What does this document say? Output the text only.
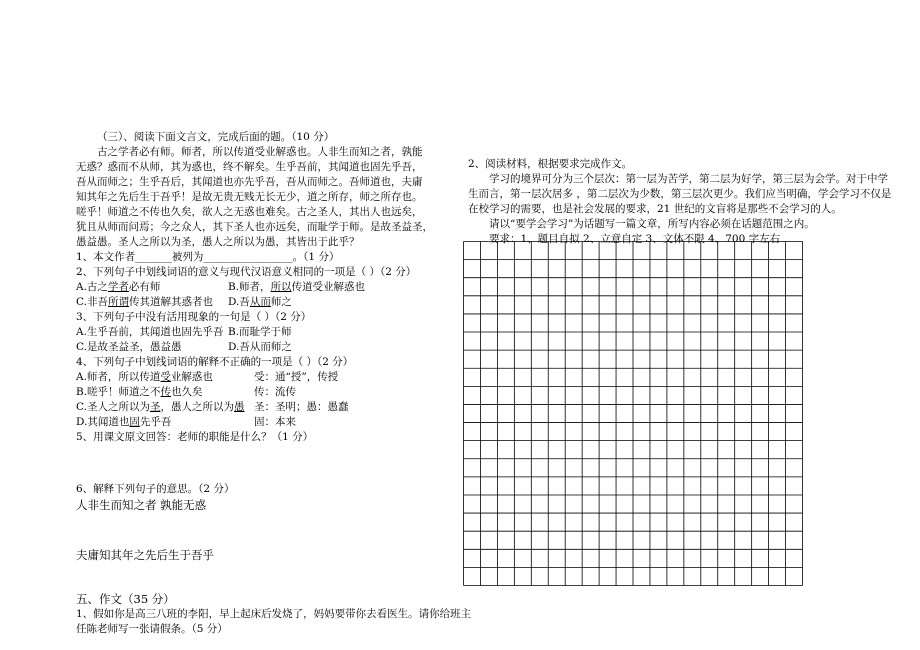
（三）、阅读下面文言文，完成后面的题。（10 分）
古之学者必有师。师者，所以传道受业解惑也。人非生而知之者，孰能
无惑？惑而不从师，其为惑也，终不解矣。生乎吾前，其闻道也固先乎吾，
吾从而师之；生乎吾后，其闻道也亦先乎吾，吾从而师之。吾师道也，夫庸
知其年之先后生于吾乎！是故无贵无贱无长无少，道之所存，师之所存也。
嗟乎！师道之不传也久矣，欲人之无惑也难矣。古之圣人，其出人也远矣，
犹且从师而问焉；今之众人，其下圣人也亦远矣，而耻学于师。是故圣益圣，
愚益愚。圣人之所以为圣，愚人之所以为愚，其皆出于此乎？
1、本文作者_______被列为_________________。（1 分）
2、下列句子中划线词语的意义与现代汉语意义相同的一项是（ ）（2 分）
A.古之学者必有师	B.师者，所以传道受业解惑也
C.非吾所谓传其道解其惑者也 D.吾从而师之
3、下列句子中没有活用现象的一句是（ ）（2 分）
A.生乎吾前，其闻道也固先乎吾 B.而耻学于师
C.是故圣益圣，愚益愚	D.吾从而师之
4、下列句子中划线词语的解释不正确的一项是（ ）（2 分）
A.师者，所以传道受业解惑也	受：通“授”，传授
B.嗟乎！师道之不传也久矣	传：流传
C.圣人之所以为圣，愚人之所以为愚 圣：圣明；愚：愚蠢
D.其闻道也固先乎吾	固：本来
5、用课文原文回答：老师的职能是什么？（1 分）
6、解释下列句子的意思。（2 分）
人非生而知之者 孰能无惑
夫庸知其年之先后生于吾乎
五、作文（35 分）
1、假如你是高三八班的李阳，早上起床后发烧了，妈妈要带你去看医生。请你给班主
任陈老师写一张请假条。（5 分）
2、阅读材料，根据要求完成作文。
学习的境界可分为三个层次：第一层为苦学，第二层为好学，第三层为会学。对于中学
生而言，第一层次居多 ，第二层次为少数，第三层次更少。我们应当明确，学会学习不仅是
在校学习的需要，也是社会发展的要求，21 世纪的文盲将是那些不会学习的人。
请以“要学会学习”为话题写一篇文章，所写内容必须在话题范围之内。
要求：1、题目自拟 2、立意自定 3、文体不限 4、700 字左右
